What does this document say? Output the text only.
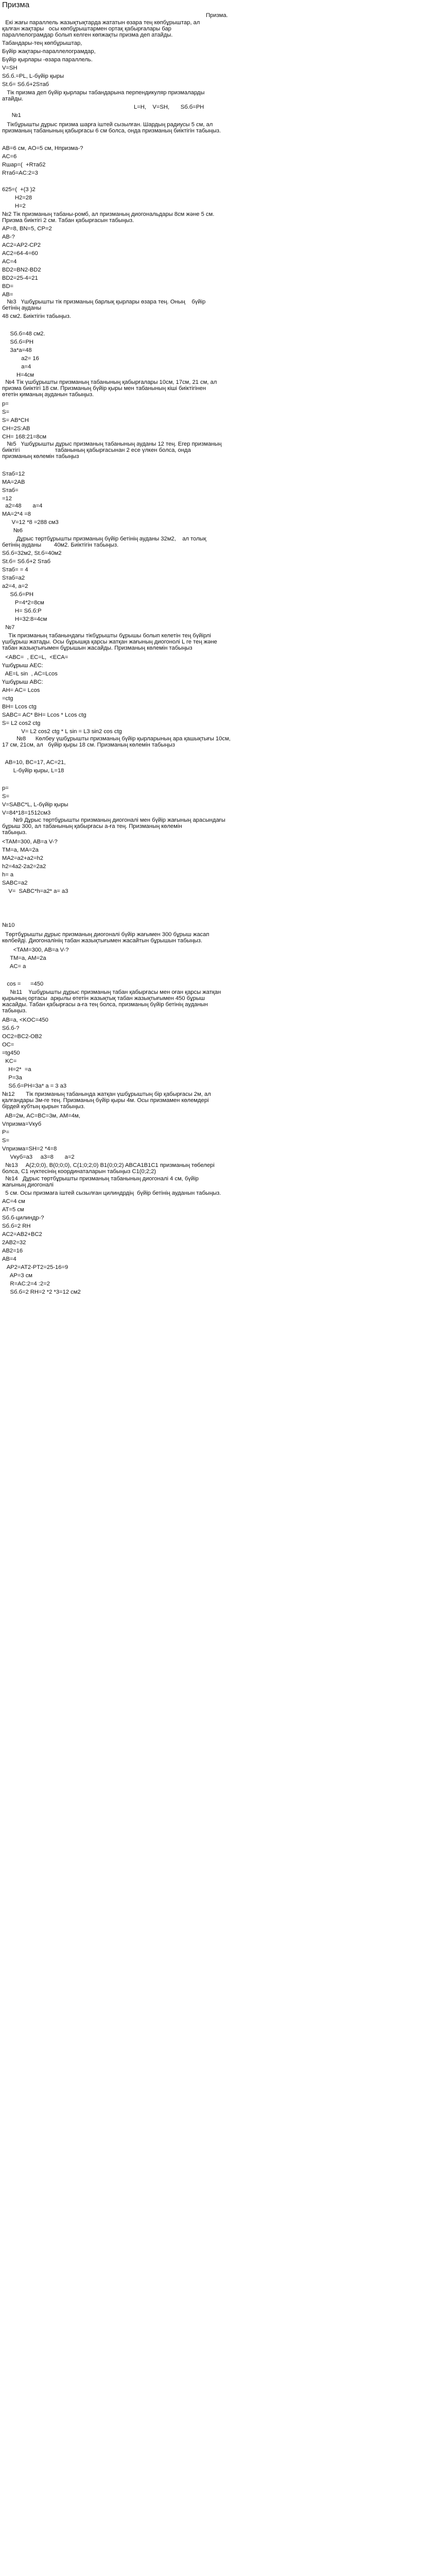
Призма
Призма.
Екі жағы параллель жазықтықтарда жататын өзара тең көпбұрыштар, ал
қалған жақтары   осы көпбұрыштармен ортақ қабырғалары бар
параллелограмдар болып келген көпжақты призма деп атайды.
Табандары-тең көпбұрыштар,
Бүйір жақтары-параллелограмдар,
Бүйір қырлары -өзара параллель.
V=SH
Sб.б.=PL, L-бүйір қыры
St.б= Sб.б+2Sтаб
Тік призма деп бүйір қырлары табандарына перпендикуляр призмаларды
атайды.
L=H,    V=SH,       Sб.б=PH
№1
Тікбұрышты дұрыс призма шарға іштей сызылған. Шардың радиусы 5 см, ал
призманың табанының қабырғасы 6 см болса, онда призманың биіктігін табыңыз.
AB=6 см, AO=5 см, Нпризма-?
AC=6
Rшар=(  +Rтаб2
Rтаб=AC:2=3
625=(  +(3 )2
H2=28
H=2
№2 Тік призманың табаны-ромб, ал призманың диогональдары 8см және 5 см.
Призма биіктігі 2 см. Табан қабырғасын табыңыз.
AP=8, BN=5, CP=2
AB-?
AC2=AP2-CP2
AC2=64-4=60
AC=4
BD2=BN2-BD2
BD2=25-4=21
BD=
AB=
№3   Үшбұрышты тік призманың барлық қырлары өзара тең. Оның    бүйір
бетінің ауданы
48 см2. Биіктігін табыңыз.
Sб.б=48 см2.
Sб.б=PH
3a*a=48
a2= 16
a=4
H=4см
№4 Тік үшбұрышты призманың табанының қабырғалары 10см, 17см, 21 см, ал
призма биіктігі 18 см. Призманың бүйір қыры мен табанының кіші биіктігінен
өтетін қиманың ауданын табыңыз.
p=
S=
S= AB*CH
CH=2S:AB
CH= 168:21=8см
№5   Үшбұрышты дұрыс призманың табанының ауданы 12 тең. Егер призманың
биіктігі                      табанының қабырғасынан 2 есе үлкен болса, онда
призманың көлемін табыңыз
Sтаб=12
MA=2AB
Sтаб=
=12
a2=48       a=4
MA=2*4 =8
V=12 *8 =288 см3
№6
Дұрыс төртбұрышты призманың бүйір бетінің ауданы 32м2,    ал толық
бетінің ауданы        40м2. Биіктігін табыңыз.
Sб.б=32м2, St.б=40м2
St.б= Sб.б+2 Sтаб
Sтаб= = 4
Sтаб=a2
a2=4, a=2
Sб.б=PH
P=4*2=8см
H= Sб.б:P
H=32:8=4см
№7
Тік призманың табанындағы тікбұрышты бұрышы болып келетін тең бүйірлі
үшбұрыш жатады. Осы бұрышқа қарсы жатқан жағының диогонолі L ге тең және
табан жазықтығымен бұрышын жасайды. Призманың көлемін табыңыз
<ABC=  , EC=L,  <ECA=
Үшбұрыш AEC:
AE=L sin  , AC=Lcos
Үшбұрыш ABC:
AH= AC= Lcos
=ctg
BH= Lcos ctg
SABC= AC* BH= Lcos * Lcos ctg
S= L2 cos2 ctg
V= L2 cos2 ctg * L sin = L3 sin2 cos ctg
№8      Көлбеу үшбұрышты призманың бүйір қырларының ара қашықтығы 10см,
17 см, 21см, ал   бүйір қыры 18 см. Призманың көлемін табыңыз
AB=10, BC=17, AC=21,
L-бүйір қыры, L=18
p=
S=
V=SABC*L, L-бүйір қыры
V=84*18=1512см3
№9 Дұрыс төртбұрышты призманың диогоналі мен бүйір жағының арасындағы
бұрыш 300, ал табанының қабырғасы a-ға тең. Призманың көлемін
табыңыз.
<TAM=300, AB=a V-?
TM=a, MA=2a
MA2=a2+a2=h2
h2=4a2-2a2=2a2
h= a
SABC=a2
V=  SABC*h=a2* a= a3
№10
Төртбұрышты дұрыс призманың диогоналі бүйір жағымен 300 бұрыш жасап
көлбейді. Диогоналінің табан жазықтығымен жасайтын бұрышын табыңыз.
<TAM=300, AB=a V-?
TM=a, AM=2a
AC= a
cos =      =450
№11    Үшбұрышты дұрыс призманың табан қабырғасы мен оған қарсы жатқан
қырының ортасы  арқылы өтетін жазықтық табан жазықтығымен 450 бұрыш
жасайды. Табан қабырғасы a-ға тең болса, призманың бүйір бетінің ауданын
табыңыз.
AB=a, <KOC=450
Sб.б-?
OC2=BC2-OB2
OC=
=tg450
KC=
H=2*  =a
P=3a
Sб.б=PH=3a* a = 3 a3
№12       Тік призманың табанында жатқан үшбұрыштың бір қабырғасы 2м, ал
қалғандары 3м-ге тең. Призманың бүйір қыры 4м. Осы призмамен көлемдері
бірдей кубтың қырын табыңыз.
AB=2м, AC=BC=3м, AM=4м,
Vпризма=Vкуб
P=
S=
Vпризма=SH=2 *4=8
Vкуб=a3     a3=8       a=2
№13     A(2;0;0), B(0;0;0), C(1;0;2;0) B1(0;0;2) ABCA1B1C1 призманың төбелері
болса, C1 нүктесінің координаталарын табыңыз C1(0;2;2)
№14   Дұрыс төртбұрышты призманың табанының диогоналі 4 см, бүйір
жағының диогоналі
5 см. Осы призмаға іштей сызылған цилиндрдің  бүйір бетінің ауданын табыңыз.
AC=4 см
AT=5 см
Sб.б-цилиндр-?
Sб.б=2 RH
AC2=AB2+BC2
2AB2=32
AB2=16
AB=4
AP2=AT2-PT2=25-16=9
AP=3 см
R=AC:2=4 :2=2
Sб.б=2 RH=2 *2 *3=12 см2
